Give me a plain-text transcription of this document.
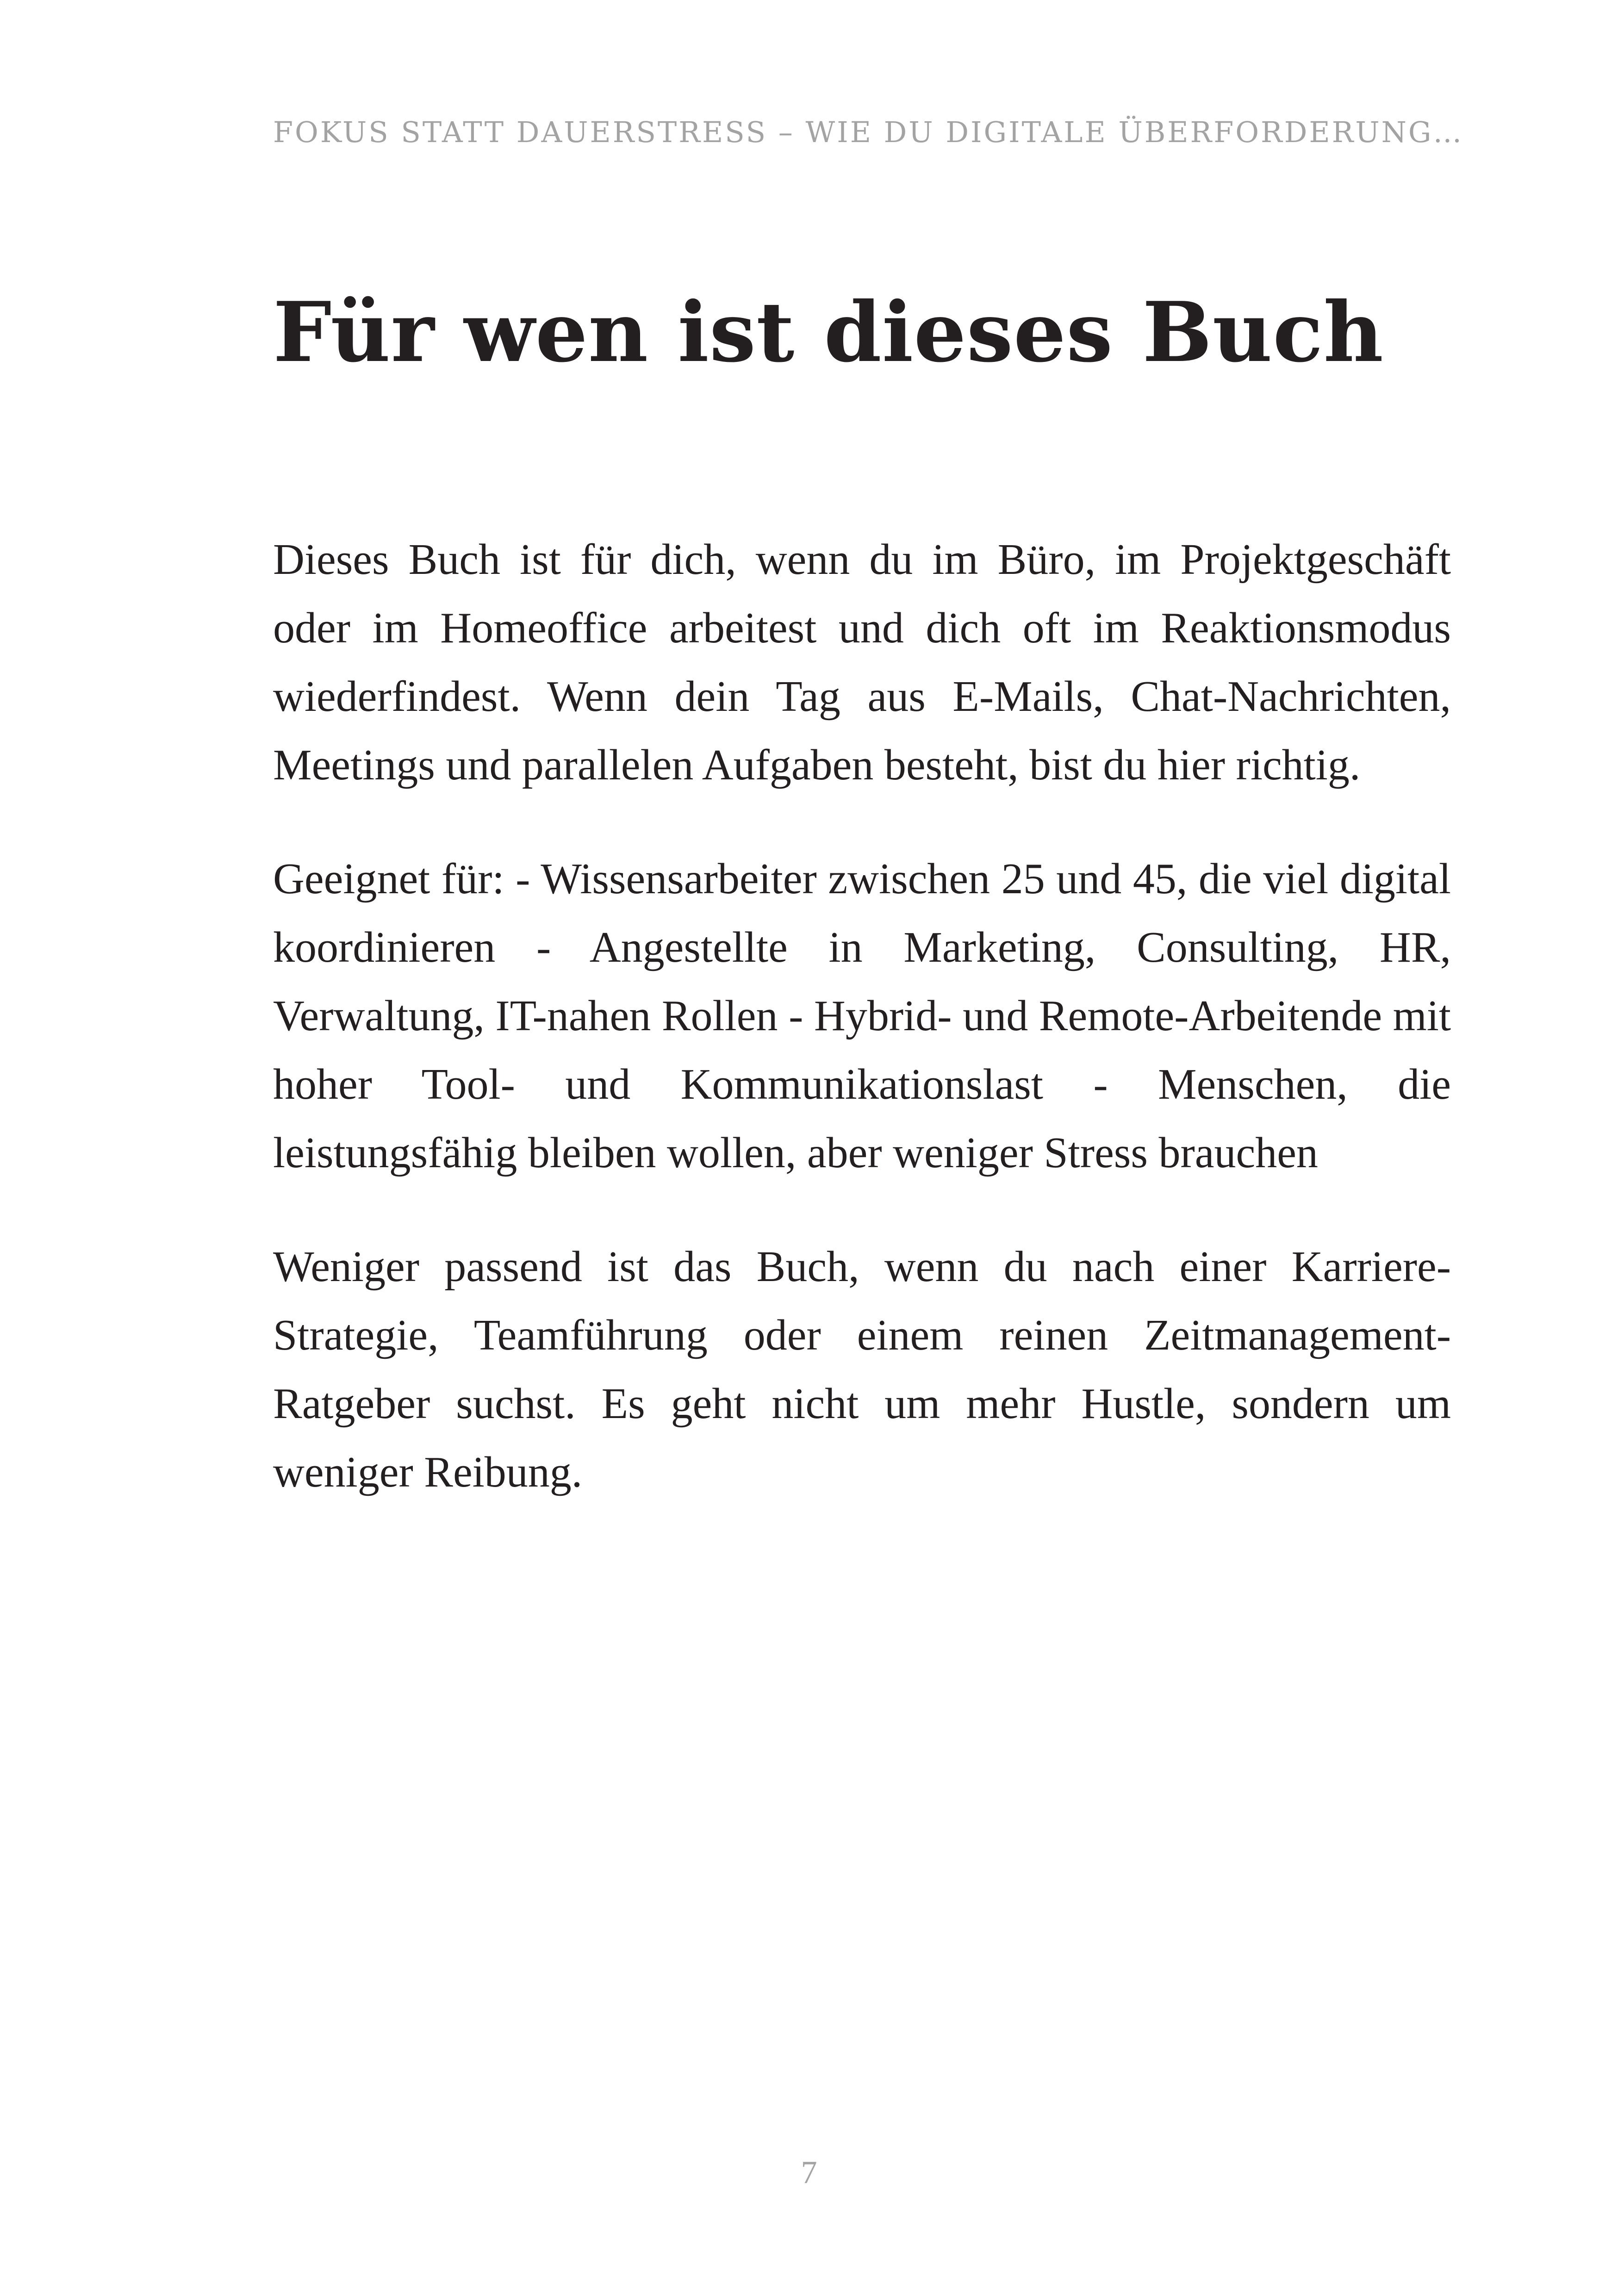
FOKUS STATT DAUERSTRESS – WIE DU DIGITALE ÜBERFORDERUNG…
Für wen ist dieses Buch

Dieses Buch ist für dich, wenn du im Büro, im Projektgeschäft oder im Homeoffice arbeitest und dich oft im Reaktionsmodus wiederfindest. Wenn dein Tag aus E-Mails, Chat-Nachrichten, Meetings und parallelen Aufgaben besteht, bist du hier richtig.

Geeignet für: - Wissensarbeiter zwischen 25 und 45, die viel digital koordinieren - Angestellte in Marketing, Consulting, HR, Verwaltung, IT-nahen Rollen - Hybrid- und Remote-Arbeitende mit hoher Tool- und Kommunikationslast - Menschen, die leistungsfähig bleiben wollen, aber weniger Stress brauchen

Weniger passend ist das Buch, wenn du nach einer Karriere-Strategie, Teamführung oder einem reinen Zeitmanagement-Ratgeber suchst. Es geht nicht um mehr Hustle, sondern um weniger Reibung.

7
